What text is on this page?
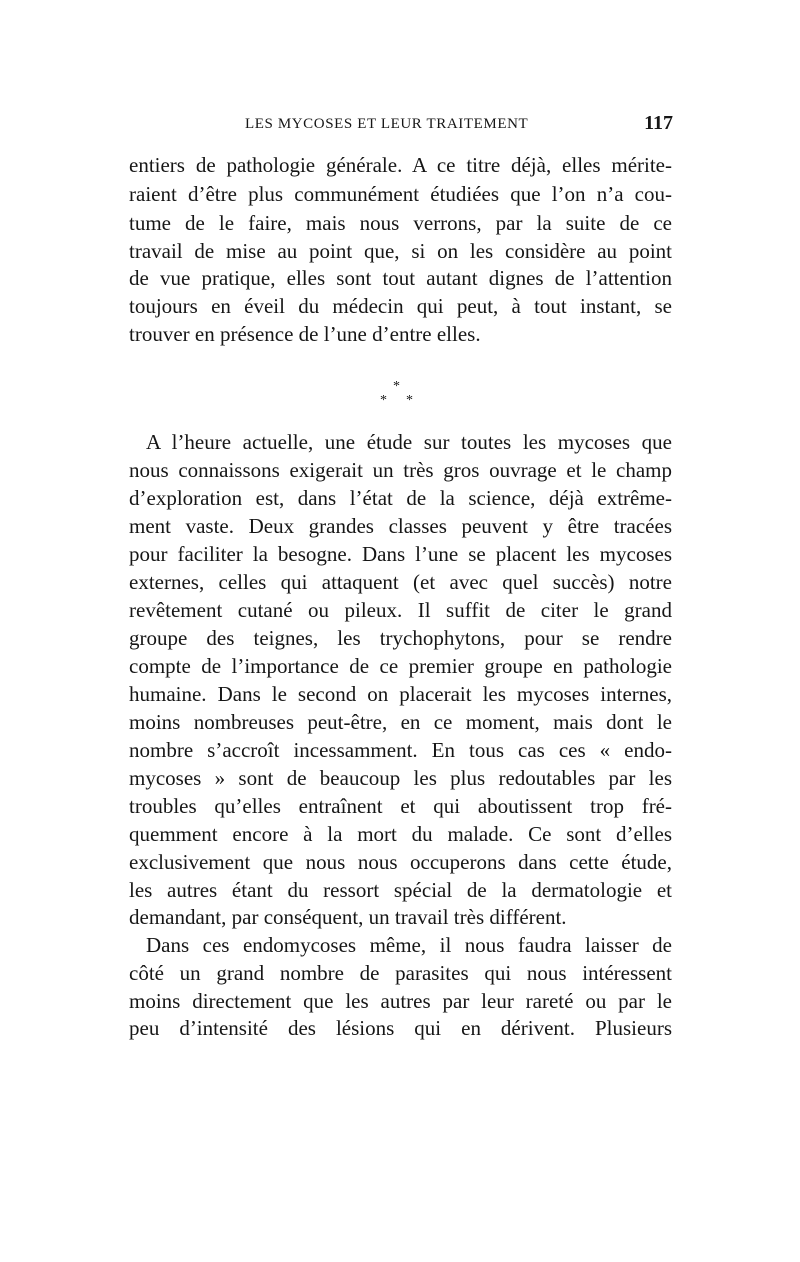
LES MYCOSES ET LEUR TRAITEMENT	117
entiers de pathologie générale. A ce titre déjà, elles mérite-
raient d’être plus communément étudiées que l’on n’a cou-
tume de le faire, mais nous verrons, par la suite de ce
travail de mise au point que, si on les considère au point
de vue pratique, elles sont tout autant dignes de l’attention
toujours en éveil du médecin qui peut, à tout instant, se
trouver en présence de l’une d’entre elles.
*
* *
A l’heure actuelle, une étude sur toutes les mycoses que
nous connaissons exigerait un très gros ouvrage et le champ
d’exploration est, dans l’état de la science, déjà extrême-
ment vaste. Deux grandes classes peuvent y être tracées
pour faciliter la besogne. Dans l’une se placent les mycoses
externes, celles qui attaquent (et avec quel succès) notre
revêtement cutané ou pileux. Il suffit de citer le grand
groupe des teignes, les trychophytons, pour se rendre
compte de l’importance de ce premier groupe en pathologie
humaine. Dans le second on placerait les mycoses internes,
moins nombreuses peut-être, en ce moment, mais dont le
nombre s’accroît incessamment. En tous cas ces « endo-
mycoses » sont de beaucoup les plus redoutables par les
troubles qu’elles entraînent et qui aboutissent trop fré-
quemment encore à la mort du malade. Ce sont d’elles
exclusivement que nous nous occuperons dans cette étude,
les autres étant du ressort spécial de la dermatologie et
demandant, par conséquent, un travail très différent.
Dans ces endomycoses même, il nous faudra laisser de
côté un grand nombre de parasites qui nous intéressent
moins directement que les autres par leur rareté ou par le
peu d’intensité des lésions qui en dérivent. Plusieurs
